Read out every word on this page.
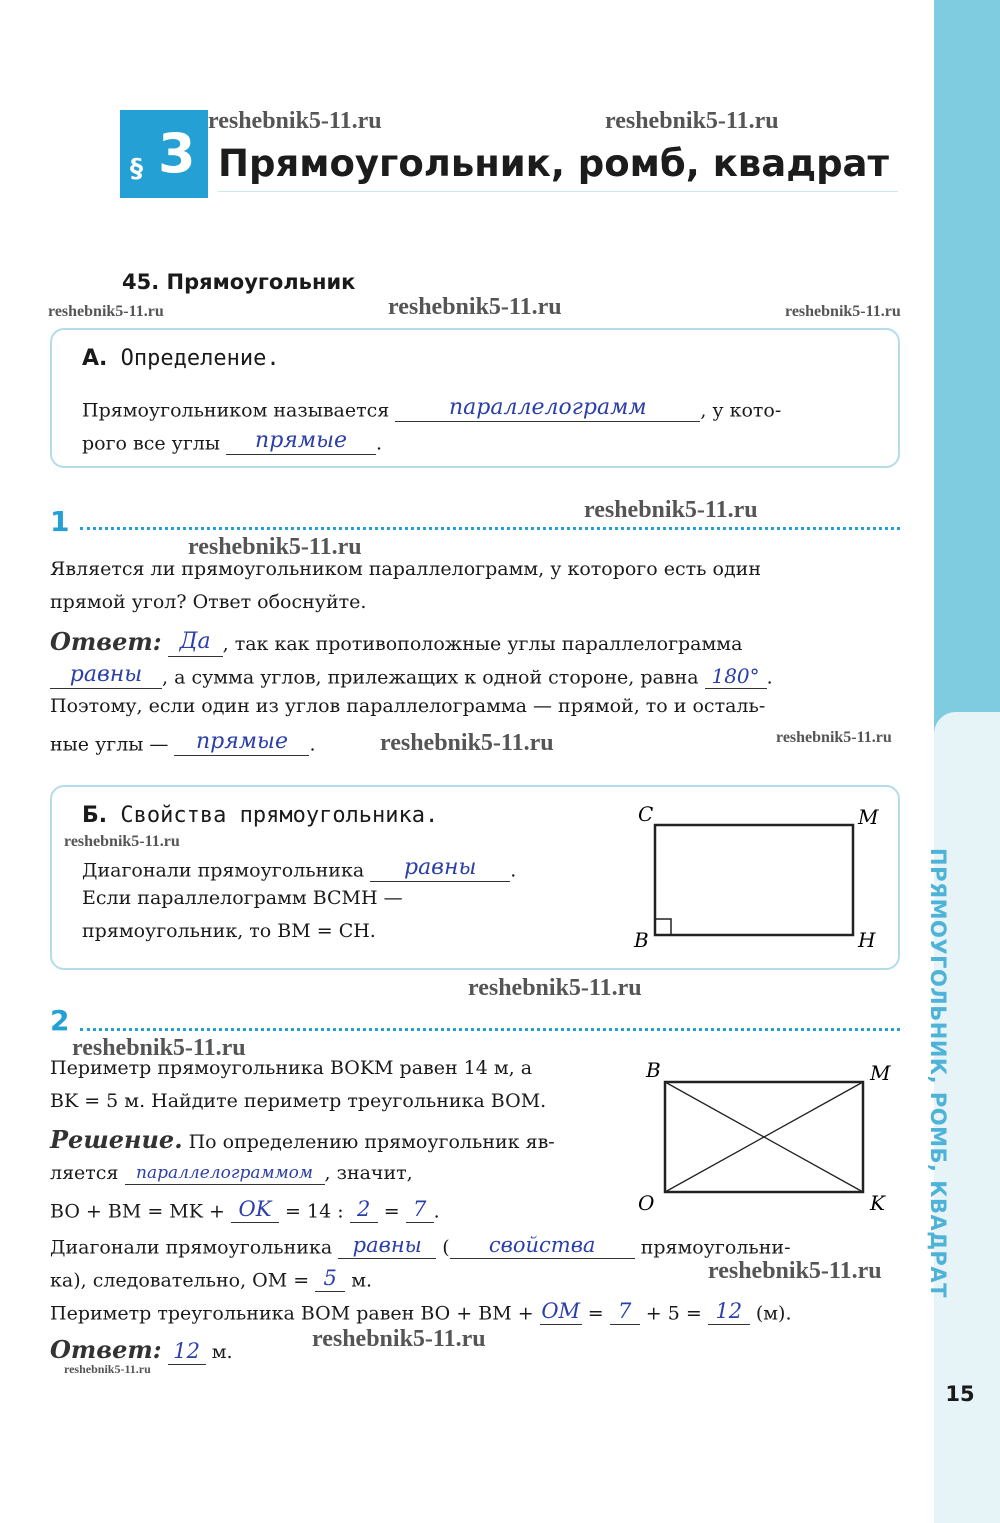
ПРЯМОУГОЛЬНИК, РОМБ, КВАДРАТ
§ 3 Прямоугольник, ромб, квадрат
reshebnik5-11.ru	reshebnik5-11.ru
45. Прямоугольник
reshebnik5-11.ru	reshebnik5-11.ru	reshebnik5-11.ru
А. Определение.
Прямоугольником называется	параллелограмм	, у кото-
рого все углы прямые .
1	reshebnik5-11.ru
reshebnik5-11.ru
Является ли прямоугольником параллелограмм, у которого есть один
прямой угол? Ответ обоснуйте.
Ответ: Да , так как противоположные углы параллелограмма
равны , а сумма углов, прилежащих к одной стороне, равна 180° .
Поэтому, если один из углов параллелограмма — прямой, то и осталь-
ные углы — прямые .	reshebnik5-11.ru	reshebnik5-11.ru
Б. Свойства прямоугольника.
reshebnik5-11.ru
Диагонали прямоугольника равны .
Если параллелограмм BCMH —
прямоугольник, то BM = CH.
C	M
B	H
reshebnik5-11.ru
2
reshebnik5-11.ru
Периметр прямоугольника BOKM равен 14 м, а
BK = 5 м. Найдите периметр треугольника BOM.
Решение. По определению прямоугольник яв-
ляется параллелограммом , значит,
BO + BM = MK + OK = 14 : 2 = 7 .
Диагонали прямоугольника равны ( свойства прямоугольни-
ка), следовательно, OM = 5 м.	reshebnik5-11.ru
Периметр треугольника BOM равен BO + BM + OM = 7 + 5 = 12 (м).
Ответ: 12 м.	reshebnik5-11.ru
reshebnik5-11.ru
B	M
O	K
15
